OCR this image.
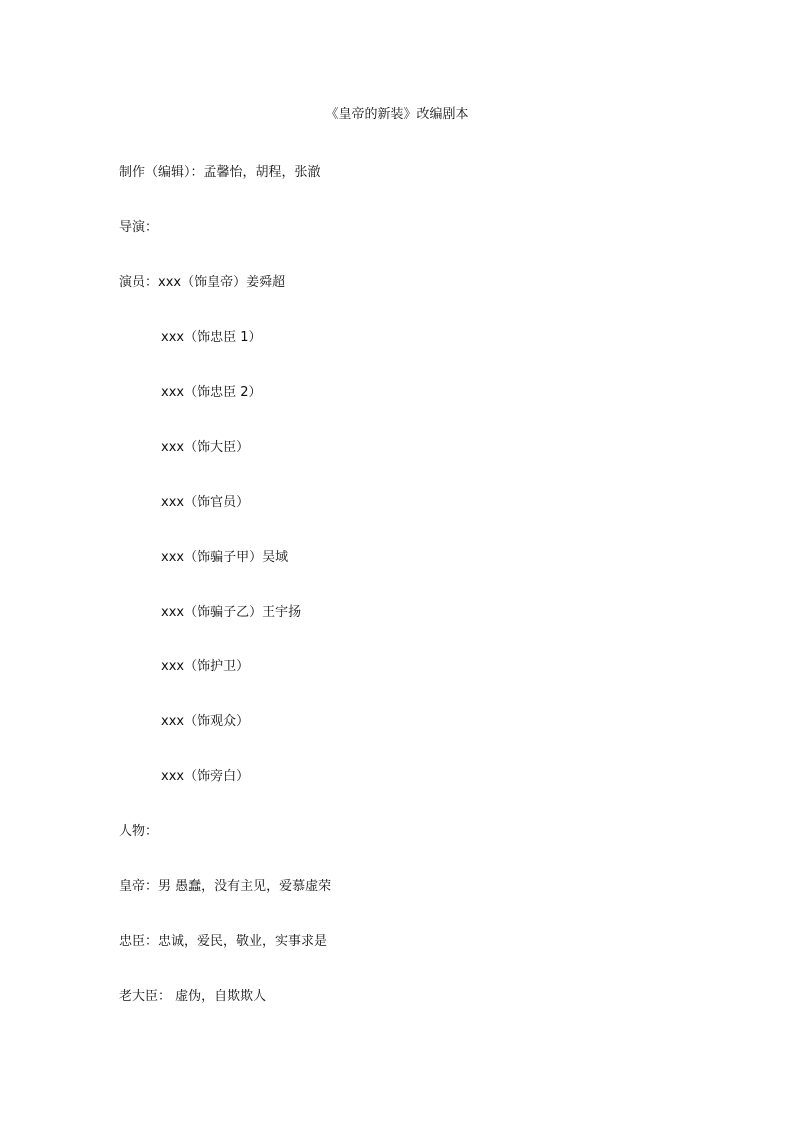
《皇帝的新装》改编剧本
制作（编辑）：孟馨怡，胡程，张澈
导演：
演员：xxx（饰皇帝）姜舜超
xxx（饰忠臣 1）
xxx（饰忠臣 2）
xxx（饰大臣）
xxx（饰官员）
xxx（饰骗子甲）吴域
xxx（饰骗子乙）王宇扬
xxx（饰护卫）
xxx（饰观众）
xxx（饰旁白）
人物：
皇帝：男 愚蠢，没有主见，爱慕虚荣
忠臣：忠诚，爱民，敬业，实事求是
老大臣： 虚伪，自欺欺人
